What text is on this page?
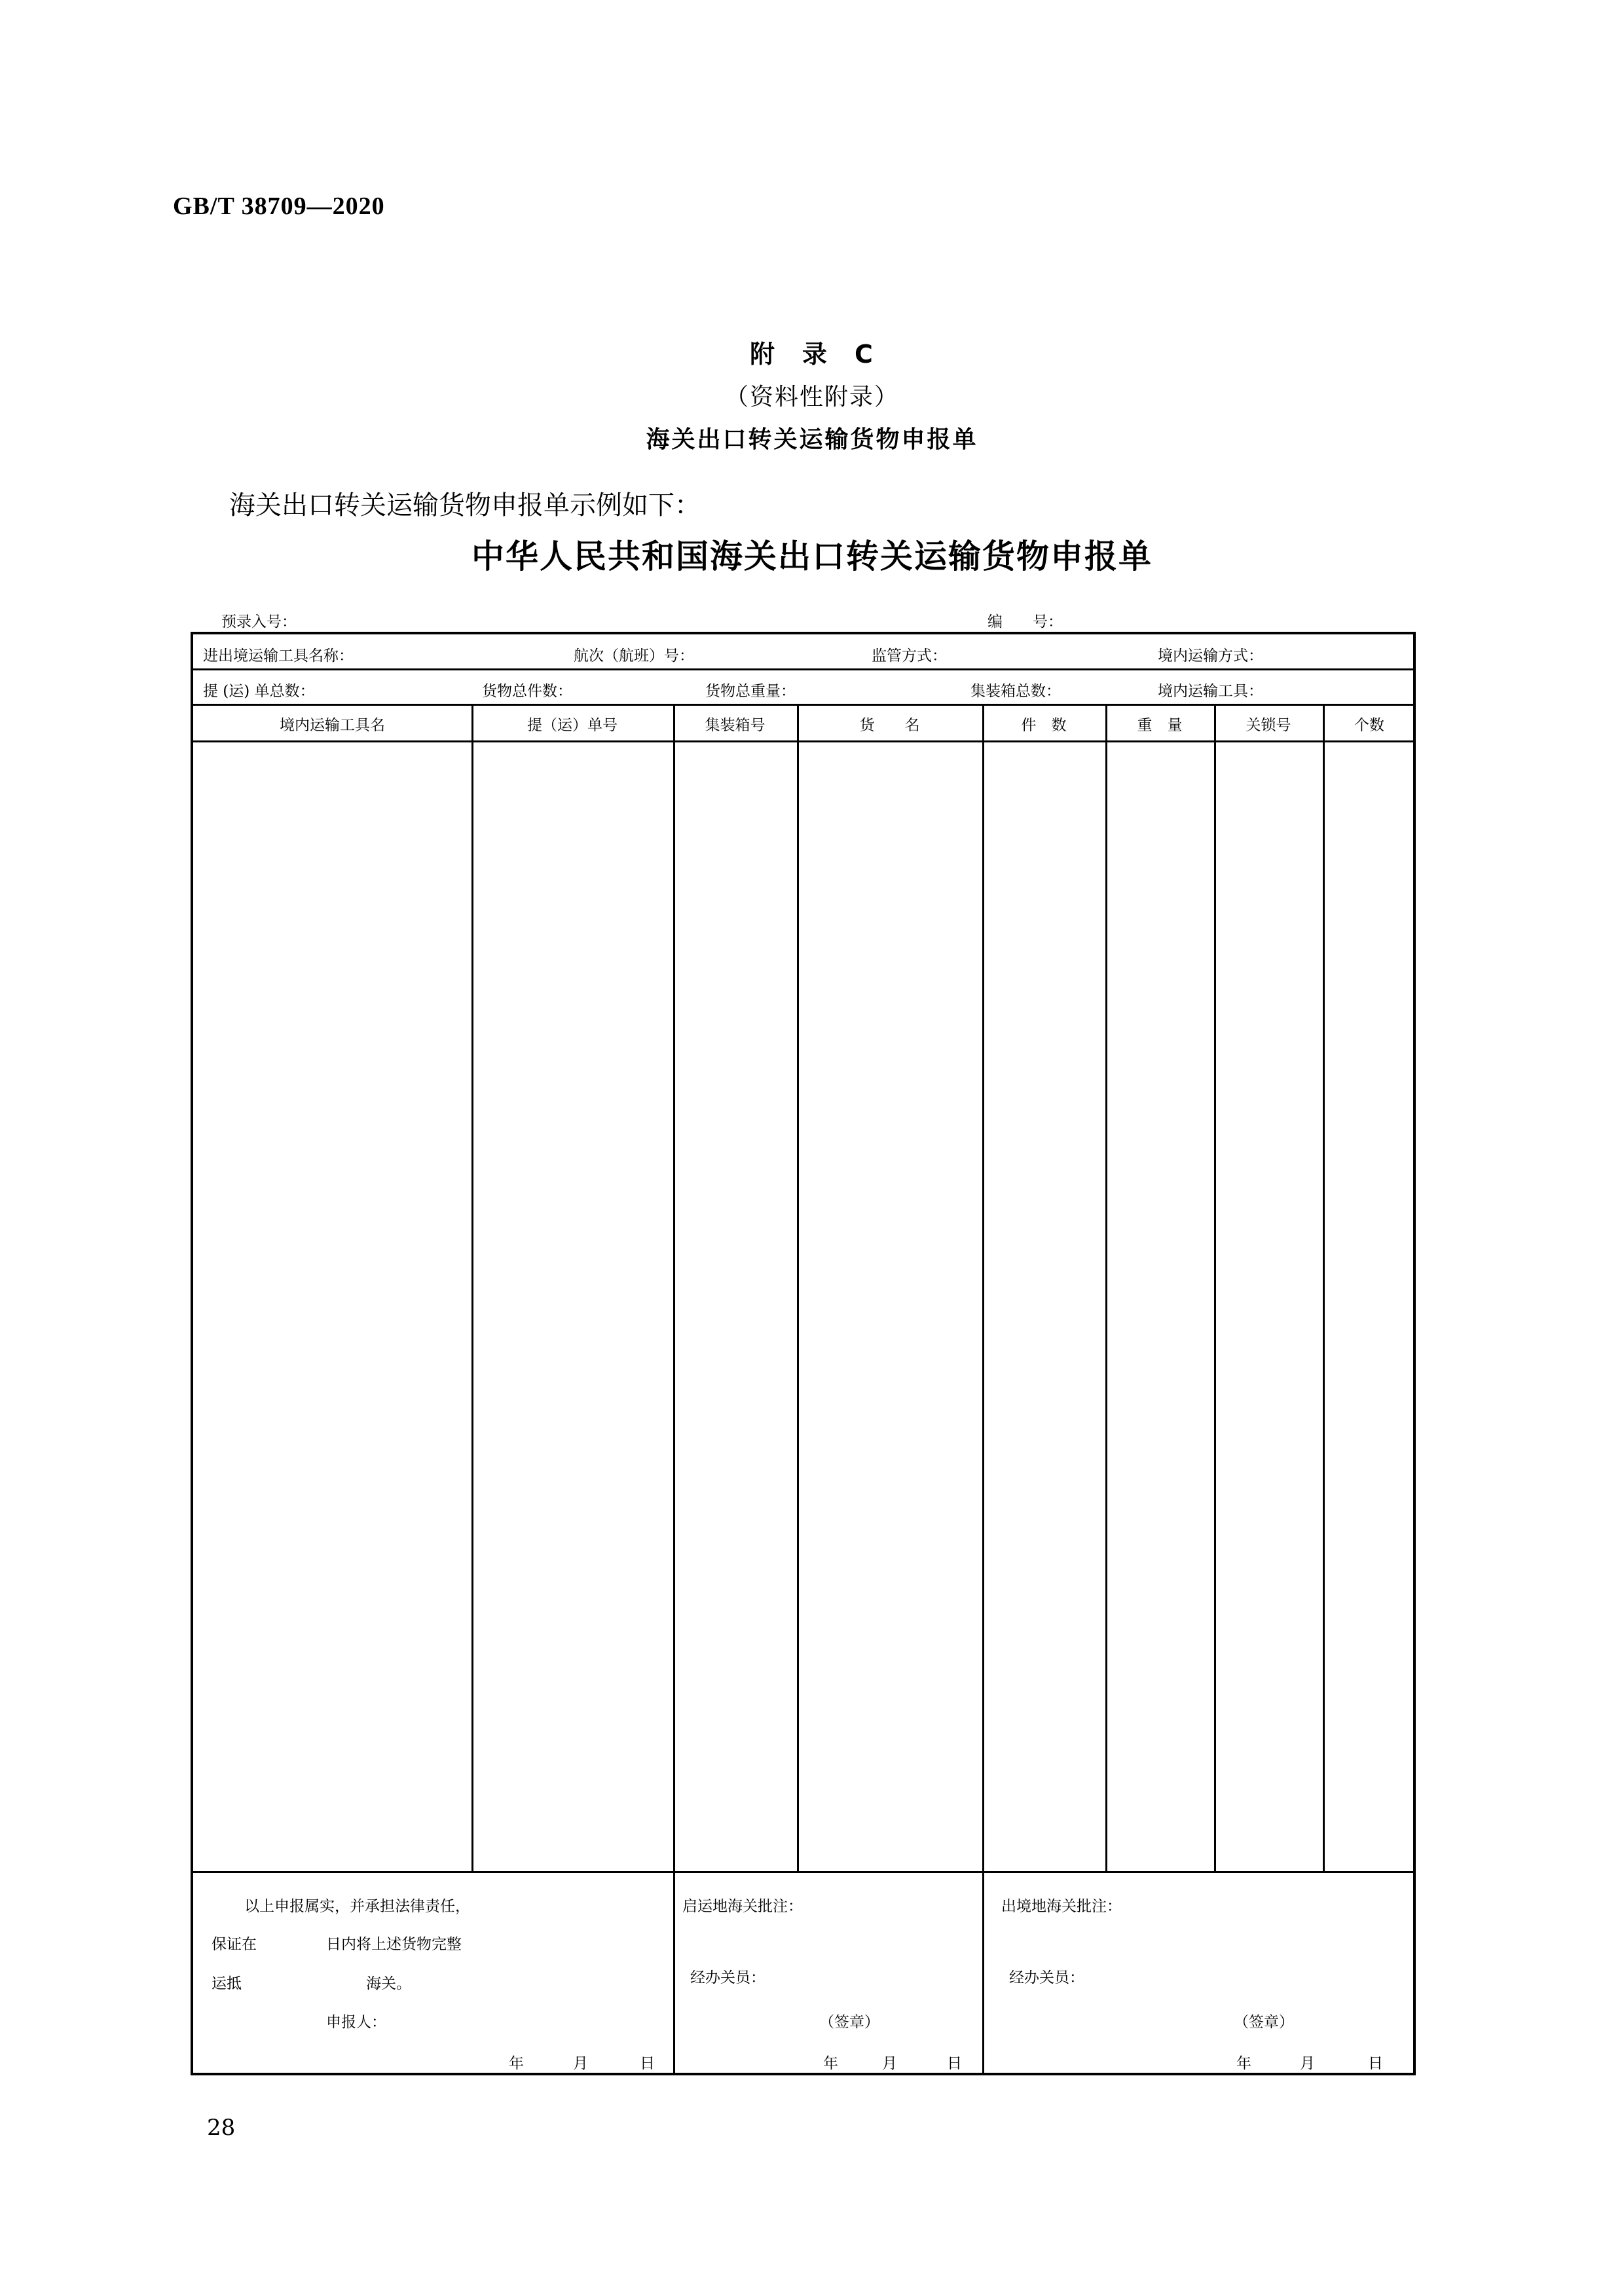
GB/T 38709—2020
附　录　C
（资料性附录）
海关出口转关运输货物申报单
海关出口转关运输货物申报单示例如下：
中华人民共和国海关出口转关运输货物申报单
预录入号：	编　　号：
进出境运输工具名称：	航次（航班）号：	监管方式：	境内运输方式：
提 (运) 单总数：	货物总件数：	货物总重量：	集装箱总数：	境内运输工具：
境内运输工具名	提（运）单号	集装箱号	货　　名	件　数	重　量	关锁号	个数
以上申报属实，并承担法律责任，
保证在	日内将上述货物完整
运抵	海关。
申报人：
年	月	日
启运地海关批注：
经办关员：
（签章）
年	月	日
出境地海关批注：
经办关员：
（签章）
年	月	日
28
